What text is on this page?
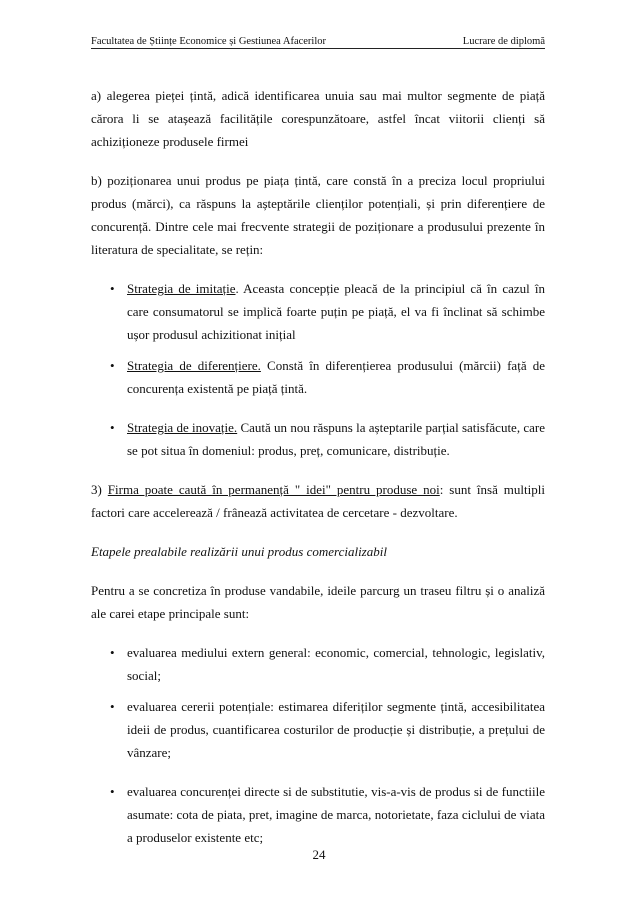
Facultatea de Științe Economice și Gestiunea Afacerilor	Lucrare de diplomă

a) alegerea pieței țintă, adică identificarea unuia sau mai multor segmente de piață cărora li se atașează facilitățile corespunzătoare, astfel încat viitorii clienți să achiziționeze produsele firmei

b) poziționarea unui produs pe piața țintă, care constă în a preciza locul propriului produs (mărci), ca răspuns la așteptările clienților potențiali, și prin diferențiere de concurență. Dintre cele mai frecvente strategii de poziționare a produsului prezente în literatura de specialitate, se rețin:

• Strategia de imitație. Aceasta concepție pleacă de la principiul că în cazul în care consumatorul se implică foarte puțin pe piață, el va fi înclinat să schimbe ușor produsul achizitionat inițial
• Strategia de diferențiere. Constă în diferențierea produsului (mărcii) față de concurența existentă pe piață țintă.
• Strategia de inovație. Caută un nou răspuns la așteptarile parțial satisfăcute, care se pot situa în domeniul: produs, preț, comunicare, distribuție.

3) Firma poate caută în permanență " idei" pentru produse noi: sunt însă multipli factori care accelerează / frânează activitatea de cercetare - dezvoltare.

Etapele prealabile realizării unui produs comercializabil

Pentru a se concretiza în produse vandabile, ideile parcurg un traseu filtru și o analiză ale carei etape principale sunt:

• evaluarea mediului extern general: economic, comercial, tehnologic, legislativ, social;
• evaluarea cererii potențiale: estimarea diferiților segmente țintă, accesibilitatea ideii de produs, cuantificarea costurilor de producție și distribuție, a prețului de vânzare;
• evaluarea concurenței directe si de substitutie, vis-a-vis de produs si de functiile asumate: cota de piata, pret, imagine de marca, notorietate, faza ciclului de viata a produselor existente etc;
24
